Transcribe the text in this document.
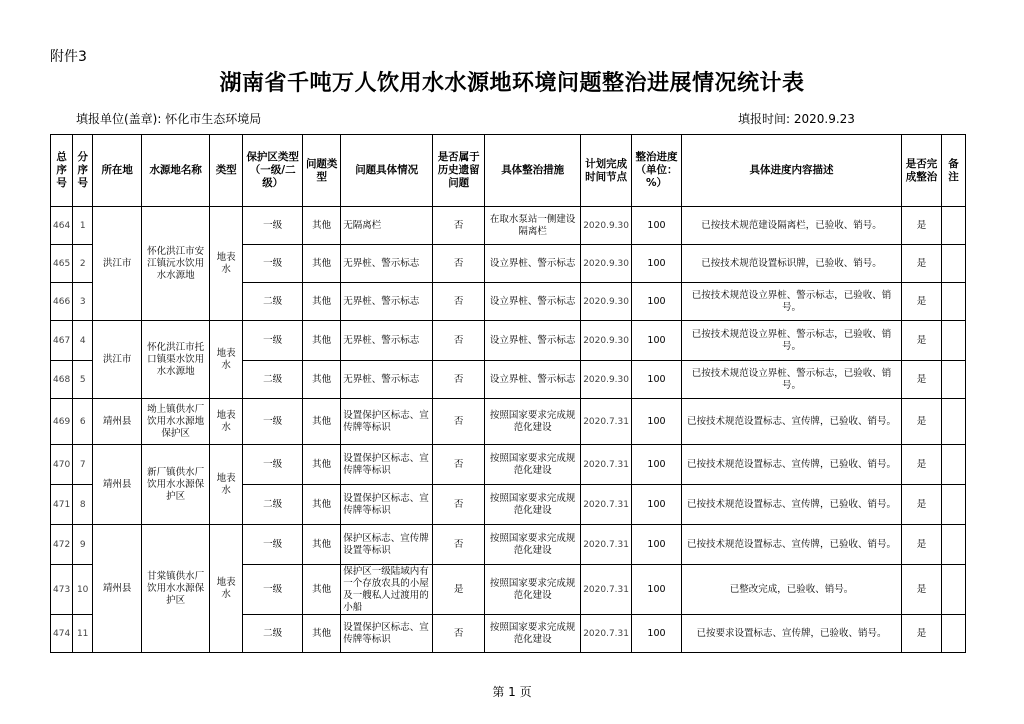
附件3
湖南省千吨万人饮用水水源地环境问题整治进展情况统计表
填报单位(盖章): 怀化市生态环境局	填报时间: 2020.9.23
总序号	分序号	所在地	水源地名称	类型	保护区类型（一级/二级）	问题类型	问题具体情况	是否属于历史遗留问题	具体整治措施	计划完成时间节点	整治进度（单位：%）	具体进度内容描述	是否完成整治	备 注
464	1	洪江市	怀化洪江市安江镇沅水饮用水水源地	地表水	一级	其他	无隔离栏	否	在取水泵站一侧建设隔离栏	2020.9.30	100	已按技术规范建设隔离栏，已验收、销号。	是	
465	2				一级	其他	无界桩、警示标志	否	设立界桩、警示标志	2020.9.30	100	已按技术规范设置标识牌，已验收、销号。	是	
466	3				二级	其他	无界桩、警示标志	否	设立界桩、警示标志	2020.9.30	100	已按技术规范设立界桩、警示标志，已验收、销号。	是	
467	4	洪江市	怀化洪江市托口镇渠水饮用水水源地	地表水	一级	其他	无界桩、警示标志	否	设立界桩、警示标志	2020.9.30	100	已按技术规范设立界桩、警示标志，已验收、销号。	是	
468	5				二级	其他	无界桩、警示标志	否	设立界桩、警示标志	2020.9.30	100	已按技术规范设立界桩、警示标志，已验收、销号。	是	
469	6	靖州县	坳上镇供水厂饮用水水源地保护区	地表水	一级	其他	设置保护区标志、宣传牌等标识	否	按照国家要求完成规范化建设	2020.7.31	100	已按技术规范设置标志、宣传牌，已验收、销号。	是	
470	7	靖州县	新厂镇供水厂饮用水水源保护区	地表水	一级	其他	设置保护区标志、宣传牌等标识	否	按照国家要求完成规范化建设	2020.7.31	100	已按技术规范设置标志、宣传牌，已验收、销号。	是	
471	8				二级	其他	设置保护区标志、宣传牌等标识	否	按照国家要求完成规范化建设	2020.7.31	100	已按技术规范设置标志、宣传牌，已验收、销号。	是	
472	9	靖州县	甘棠镇供水厂饮用水水源保护区	地表水	一级	其他	保护区标志、宣传牌设置等标识	否	按照国家要求完成规范化建设	2020.7.31	100	已按技术规范设置标志、宣传牌，已验收、销号。	是	
473	10				一级	其他	保护区一级陆域内有一个存放农具的小屋及一艘私人过渡用的小船	是	按照国家要求完成规范化建设	2020.7.31	100	已整改完成，已验收、销号。	是	
474	11				二级	其他	设置保护区标志、宣传牌等标识	否	按照国家要求完成规范化建设	2020.7.31	100	已按要求设置标志、宣传牌，已验收、销号。	是	
第 1 页
